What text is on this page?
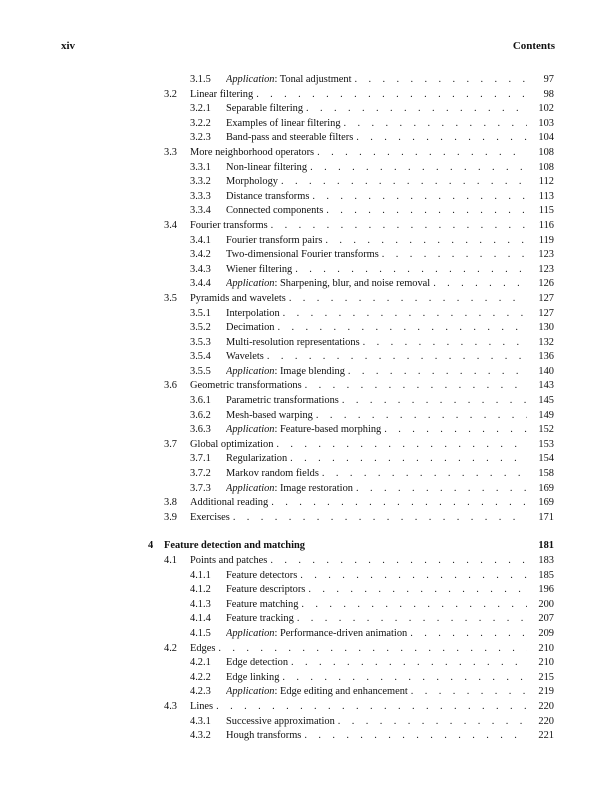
xiv	Contents
3.1.5 Application: Tonal adjustment . . .	97
3.2 Linear filtering . . .	98
3.2.1 Separable filtering . . .	102
3.2.2 Examples of linear filtering . . .	103
3.2.3 Band-pass and steerable filters . . .	104
3.3 More neighborhood operators . . .	108
3.3.1 Non-linear filtering . . .	108
3.3.2 Morphology . . .	112
3.3.3 Distance transforms . . .	113
3.3.4 Connected components . . .	115
3.4 Fourier transforms . . .	116
3.4.1 Fourier transform pairs . . .	119
3.4.2 Two-dimensional Fourier transforms . . .	123
3.4.3 Wiener filtering . . .	123
3.4.4 Application: Sharpening, blur, and noise removal . . .	126
3.5 Pyramids and wavelets . . .	127
3.5.1 Interpolation . . .	127
3.5.2 Decimation . . .	130
3.5.3 Multi-resolution representations . . .	132
3.5.4 Wavelets . . .	136
3.5.5 Application: Image blending . . .	140
3.6 Geometric transformations . . .	143
3.6.1 Parametric transformations . . .	145
3.6.2 Mesh-based warping . . .	149
3.6.3 Application: Feature-based morphing . . .	152
3.7 Global optimization . . .	153
3.7.1 Regularization . . .	154
3.7.2 Markov random fields . . .	158
3.7.3 Application: Image restoration . . .	169
3.8 Additional reading . . .	169
3.9 Exercises . . .	171
4 Feature detection and matching	181
4.1 Points and patches . . .	183
4.1.1 Feature detectors . . .	185
4.1.2 Feature descriptors . . .	196
4.1.3 Feature matching . . .	200
4.1.4 Feature tracking . . .	207
4.1.5 Application: Performance-driven animation . . .	209
4.2 Edges . . .	210
4.2.1 Edge detection . . .	210
4.2.2 Edge linking . . .	215
4.2.3 Application: Edge editing and enhancement . . .	219
4.3 Lines . . .	220
4.3.1 Successive approximation . . .	220
4.3.2 Hough transforms . . .	221
